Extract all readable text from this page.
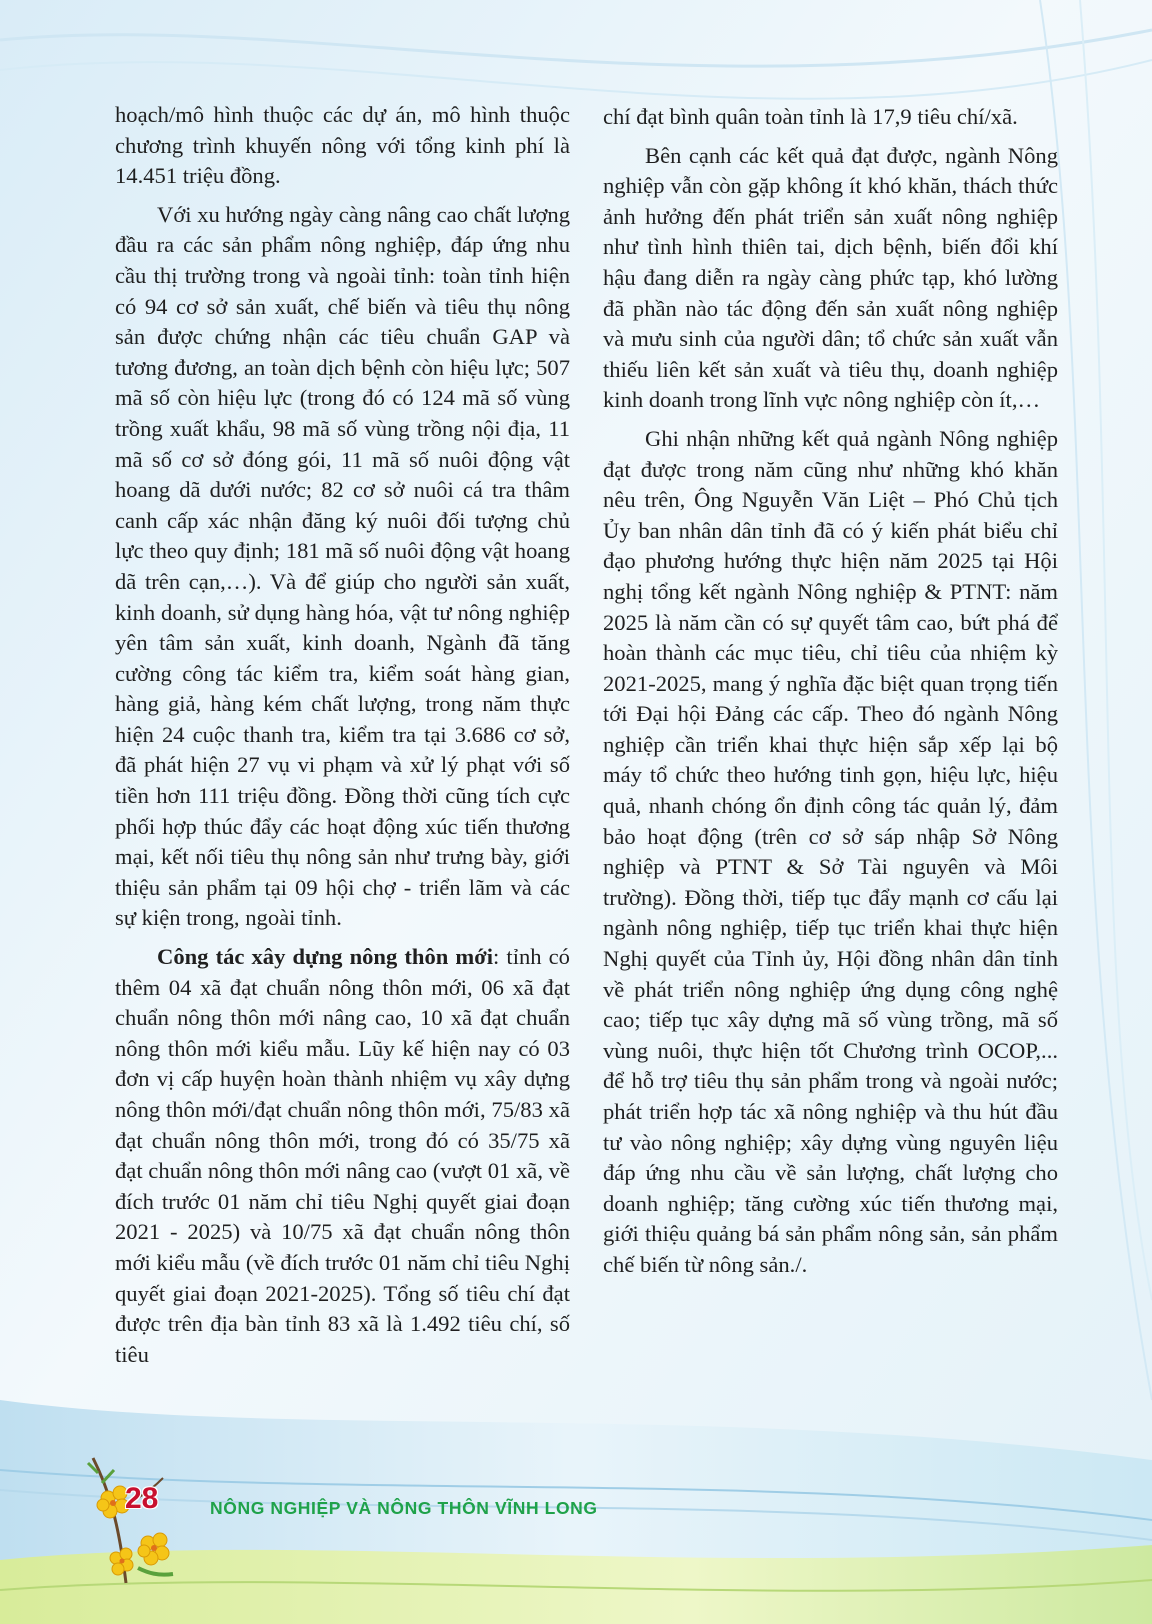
hoạch/mô hình thuộc các dự án, mô hình thuộc chương trình khuyến nông với tổng kinh phí là 14.451 triệu đồng.

Với xu hướng ngày càng nâng cao chất lượng đầu ra các sản phẩm nông nghiệp, đáp ứng nhu cầu thị trường trong và ngoài tỉnh: toàn tỉnh hiện có 94 cơ sở sản xuất, chế biến và tiêu thụ nông sản được chứng nhận các tiêu chuẩn GAP và tương đương, an toàn dịch bệnh còn hiệu lực; 507 mã số còn hiệu lực (trong đó có 124 mã số vùng trồng xuất khẩu, 98 mã số vùng trồng nội địa, 11 mã số cơ sở đóng gói, 11 mã số nuôi động vật hoang dã dưới nước; 82 cơ sở nuôi cá tra thâm canh cấp xác nhận đăng ký nuôi đối tượng chủ lực theo quy định; 181 mã số nuôi động vật hoang dã trên cạn,…). Và để giúp cho người sản xuất, kinh doanh, sử dụng hàng hóa, vật tư nông nghiệp yên tâm sản xuất, kinh doanh, Ngành đã tăng cường công tác kiểm tra, kiểm soát hàng gian, hàng giả, hàng kém chất lượng, trong năm thực hiện 24 cuộc thanh tra, kiểm tra tại 3.686 cơ sở, đã phát hiện 27 vụ vi phạm và xử lý phạt với số tiền hơn 111 triệu đồng. Đồng thời cũng tích cực phối hợp thúc đẩy các hoạt động xúc tiến thương mại, kết nối tiêu thụ nông sản như trưng bày, giới thiệu sản phẩm tại 09 hội chợ - triển lãm và các sự kiện trong, ngoài tỉnh.

Công tác xây dựng nông thôn mới: tỉnh có thêm 04 xã đạt chuẩn nông thôn mới, 06 xã đạt chuẩn nông thôn mới nâng cao, 10 xã đạt chuẩn nông thôn mới kiểu mẫu. Lũy kế hiện nay có 03 đơn vị cấp huyện hoàn thành nhiệm vụ xây dựng nông thôn mới/đạt chuẩn nông thôn mới, 75/83 xã đạt chuẩn nông thôn mới, trong đó có 35/75 xã đạt chuẩn nông thôn mới nâng cao (vượt 01 xã, về đích trước 01 năm chỉ tiêu Nghị quyết giai đoạn 2021 - 2025) và 10/75 xã đạt chuẩn nông thôn mới kiểu mẫu (về đích trước 01 năm chỉ tiêu Nghị quyết giai đoạn 2021-2025). Tổng số tiêu chí đạt được trên địa bàn tỉnh 83 xã là 1.492 tiêu chí, số tiêu

chí đạt bình quân toàn tỉnh là 17,9 tiêu chí/xã.

Bên cạnh các kết quả đạt được, ngành Nông nghiệp vẫn còn gặp không ít khó khăn, thách thức ảnh hưởng đến phát triển sản xuất nông nghiệp như tình hình thiên tai, dịch bệnh, biến đổi khí hậu đang diễn ra ngày càng phức tạp, khó lường đã phần nào tác động đến sản xuất nông nghiệp và mưu sinh của người dân; tổ chức sản xuất vẫn thiếu liên kết sản xuất và tiêu thụ, doanh nghiệp kinh doanh trong lĩnh vực nông nghiệp còn ít,…

Ghi nhận những kết quả ngành Nông nghiệp đạt được trong năm cũng như những khó khăn nêu trên, Ông Nguyễn Văn Liệt – Phó Chủ tịch Ủy ban nhân dân tỉnh đã có ý kiến phát biểu chỉ đạo phương hướng thực hiện năm 2025 tại Hội nghị tổng kết ngành Nông nghiệp & PTNT: năm 2025 là năm cần có sự quyết tâm cao, bứt phá để hoàn thành các mục tiêu, chỉ tiêu của nhiệm kỳ 2021-2025, mang ý nghĩa đặc biệt quan trọng tiến tới Đại hội Đảng các cấp. Theo đó ngành Nông nghiệp cần triển khai thực hiện sắp xếp lại bộ máy tổ chức theo hướng tinh gọn, hiệu lực, hiệu quả, nhanh chóng ổn định công tác quản lý, đảm bảo hoạt động (trên cơ sở sáp nhập Sở Nông nghiệp và PTNT & Sở Tài nguyên và Môi trường). Đồng thời, tiếp tục đẩy mạnh cơ cấu lại ngành nông nghiệp, tiếp tục triển khai thực hiện Nghị quyết của Tỉnh ủy, Hội đồng nhân dân tỉnh về phát triển nông nghiệp ứng dụng công nghệ cao; tiếp tục xây dựng mã số vùng trồng, mã số vùng nuôi, thực hiện tốt Chương trình OCOP,... để hỗ trợ tiêu thụ sản phẩm trong và ngoài nước; phát triển hợp tác xã nông nghiệp và thu hút đầu tư vào nông nghiệp; xây dựng vùng nguyên liệu đáp ứng nhu cầu về sản lượng, chất lượng cho doanh nghiệp; tăng cường xúc tiến thương mại, giới thiệu quảng bá sản phẩm nông sản, sản phẩm chế biến từ nông sản./.

28	NÔNG NGHIỆP VÀ NÔNG THÔN VĨNH LONG
